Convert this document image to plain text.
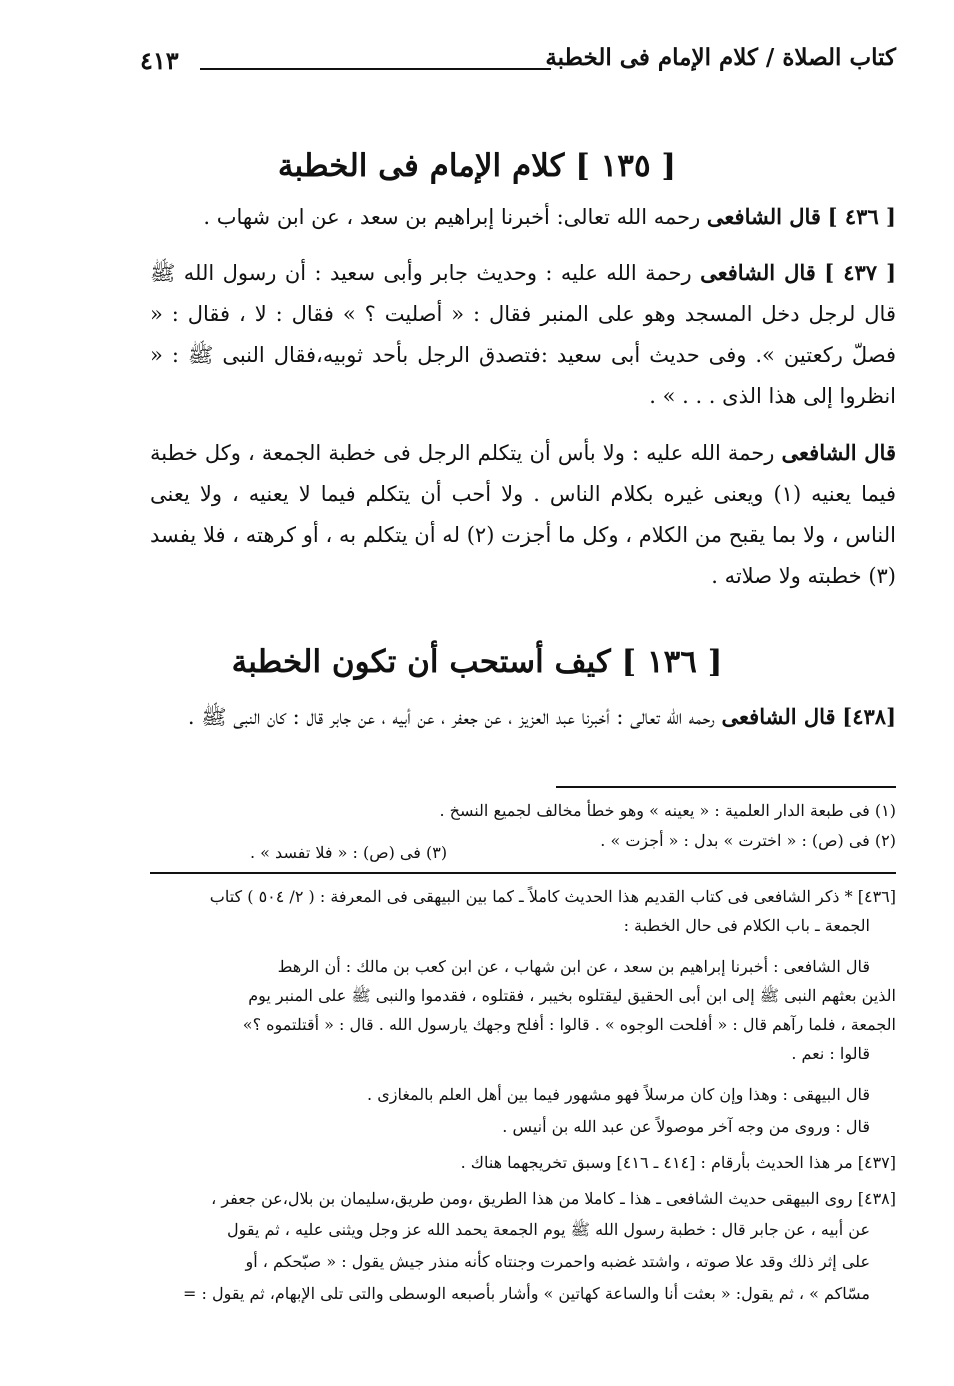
كتاب الصلاة / كلام الإمام فى الخطبة
٤١٣
[ ١٣٥ ] كلام الإمام فى الخطبة
[ ٤٣٦ ] قال الشافعى رحمه الله تعالى: أخبرنا إبراهيم بن سعد ، عن ابن شهاب .
[ ٤٣٧ ] قال الشافعى رحمة الله عليه : وحديث جابر وأبى سعيد : أن رسول الله ﷺ قال لرجل دخل المسجد وهو على المنبر فقال : « أصليت ؟ » فقال : لا ، فقال : « فصلّ ركعتين ». وفى حديث أبى سعيد :فتصدق الرجل بأحد ثوبيه،فقال النبى ﷺ : « انظروا إلى هذا الذى . . . » .
قال الشافعى رحمة الله عليه : ولا بأس أن يتكلم الرجل فى خطبة الجمعة ، وكل خطبة فيما يعنيه (١) ويعنى غيره بكلام الناس . ولا أحب أن يتكلم فيما لا يعنيه ، ولا يعنى الناس ، ولا بما يقبح من الكلام ، وكل ما أجزت (٢) له أن يتكلم به ، أو كرهته ، فلا يفسد (٣) خطبته ولا صلاته .
[ ١٣٦ ] كيف أستحب أن تكون الخطبة
[٤٣٨] قال الشافعى رحمه الله تعالى : أخبرنا عبد العزيز ، عن جعفر ، عن أبيه ، عن جابر قال : كان النبى ﷺ .
(١) فى طبعة الدار العلمية : « يعينه » وهو خطأ مخالف لجميع النسخ .
(٢) فى (ص) : « اخترت » بدل : « أجزت » .
(٣) فى (ص) : « فلا تفسد » .
[٤٣٦] * ذكر الشافعى فى كتاب القديم هذا الحديث كاملاً ـ كما بين البيهقى فى المعرفة : ( ٢/ ٥٠٤ ) كتاب
الجمعة ـ باب الكلام فى حال الخطبة :
قال الشافعى : أخبرنا إبراهيم بن سعد ، عن ابن شهاب ، عن ابن كعب بن مالك : أن الرهط
الذين بعثهم النبى ﷺ إلى ابن أبى الحقيق ليقتلوه بخيبر ، فقتلوه ، فقدموا والنبى ﷺ على المنبر يوم
الجمعة ، فلما رآهم قال : « أفلحت الوجوه » . قالوا : أفلح وجهك يارسول الله . قال : « أقتلتموه ؟»
قالوا : نعم .
قال البيهقى : وهذا وإن كان مرسلاً فهو مشهور فيما بين أهل العلم بالمغازى .
قال : وروى من وجه آخر موصولاً عن عبد الله بن أنيس .
[٤٣٧] مر هذا الحديث بأرقام : [٤١٤ ـ ٤١٦] وسبق تخريجهما هناك .
[٤٣٨] روى البيهقى حديث الشافعى ـ هذا ـ كاملا من هذا الطريق ،ومن طريق،سليمان بن بلال،عن جعفر ،
عن أبيه ، عن جابر قال : خطبة رسول الله ﷺ يوم الجمعة يحمد الله عز وجل ويثنى عليه ، ثم يقول
على إثر ذلك وقد علا صوته ، واشتد غضبه واحمرت وجنتاه كأنه منذر جيش يقول : « صبّحكم ، أو
مسّاكم » ، ثم يقول: « بعثت أنا والساعة كهاتين » وأشار بأصبعه الوسطى والتى تلى الإبهام، ثم يقول : =
